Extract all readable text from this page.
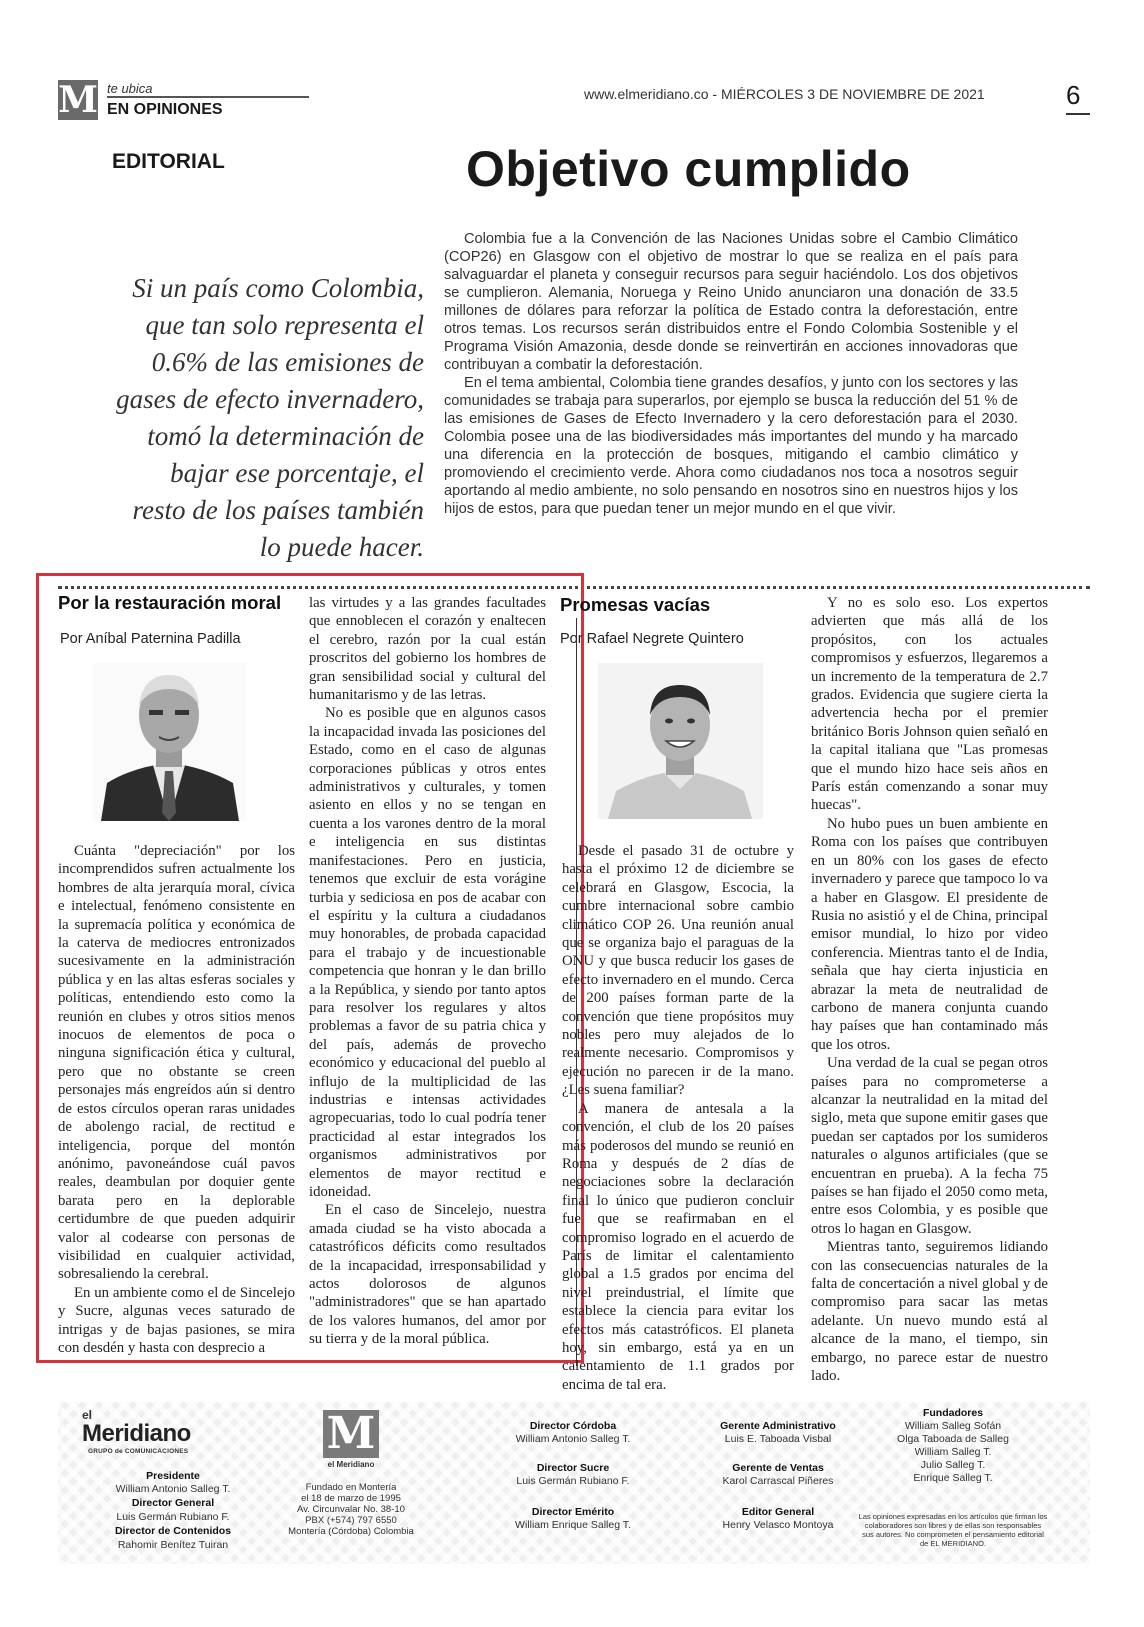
M te ubica
EN OPINIONES
www.elmeridiano.co - MIÉRCOLES 3 DE NOVIEMBRE DE 2021	6
EDITORIAL	Objetivo cumplido
Si un país como Colombia, que tan solo representa el 0.6% de las emisiones de gases de efecto invernadero, tomó la determinación de bajar ese porcentaje, el resto de los países también lo puede hacer.

Colombia fue a la Convención de las Naciones Unidas sobre el Cambio Climático (COP26) en Glasgow con el objetivo de mostrar lo que se realiza en el país para salvaguardar el planeta y conseguir recursos para seguir haciéndolo. Los dos objetivos se cumplieron. Alemania, Noruega y Reino Unido anunciaron una donación de 33.5 millones de dólares para reforzar la política de Estado contra la deforestación, entre otros temas. Los recursos serán distribuidos entre el Fondo Colombia Sostenible y el Programa Visión Amazonia, desde donde se reinvertirán en acciones innovadoras que contribuyan a combatir la deforestación.

En el tema ambiental, Colombia tiene grandes desafíos, y junto con los sectores y las comunidades se trabaja para superarlos, por ejemplo se busca la reducción del 51 % de las emisiones de Gases de Efecto Invernadero y la cero deforestación para el 2030. Colombia posee una de las biodiversidades más importantes del mundo y ha marcado una diferencia en la protección de bosques, mitigando el cambio climático y promoviendo el crecimiento verde. Ahora como ciudadanos nos toca a nosotros seguir aportando al medio ambiente, no solo pensando en nosotros sino en nuestros hijos y los hijos de estos, para que puedan tener un mejor mundo en el que vivir.

Por la restauración moral
Por Aníbal Paternina Padilla

Cuánta "depreciación" por los incomprendidos sufren actualmente los hombres de alta jerarquía moral, cívica e intelectual, fenómeno consistente en la supremacía política y económica de la caterva de mediocres entronizados sucesivamente en la administración pública y en las altas esferas sociales y políticas, entendiendo esto como la reunión en clubes y otros sitios menos inocuos de elementos de poca o ninguna significación ética y cultural, pero que no obstante se creen personajes más engreídos aún si dentro de estos círculos operan raras unidades de abolengo racial, de rectitud e inteligencia, porque del montón anónimo, pavoneándose cuál pavos reales, deambulan por doquier gente barata pero en la deplorable certidumbre de que pueden adquirir valor al codearse con personas de visibilidad en cualquier actividad, sobresaliendo la cerebral.

En un ambiente como el de Sincelejo y Sucre, algunas veces saturado de intrigas y de bajas pasiones, se mira con desdén y hasta con desprecio a

las virtudes y a las grandes facultades que ennoblecen el corazón y enaltecen el cerebro, razón por la cual están proscritos del gobierno los hombres de gran sensibilidad social y cultural del humanitarismo y de las letras.

No es posible que en algunos casos la incapacidad invada las posiciones del Estado, como en el caso de algunas corporaciones públicas y otros entes administrativos y culturales, y tomen asiento en ellos y no se tengan en cuenta a los varones dentro de la moral e inteligencia en sus distintas manifestaciones. Pero en justicia, tenemos que excluir de esta vorágine turbia y sediciosa en pos de acabar con el espíritu y la cultura a ciudadanos muy honorables, de probada capacidad para el trabajo y de incuestionable competencia que honran y le dan brillo a la República, y siendo por tanto aptos para resolver los regulares y altos problemas a favor de su patria chica y del país, además de provecho económico y educacional del pueblo al influjo de la multiplicidad de las industrias e intensas actividades agropecuarias, todo lo cual podría tener practicidad al estar integrados los organismos administrativos por elementos de mayor rectitud e idoneidad.

En el caso de Sincelejo, nuestra amada ciudad se ha visto abocada a catastróficos déficits como resultados de la incapacidad, irresponsabilidad y actos dolorosos de algunos "administradores" que se han apartado de los valores humanos, del amor por su tierra y de la moral pública.

Promesas vacías
Por Rafael Negrete Quintero

Desde el pasado 31 de octubre y hasta el próximo 12 de diciembre se celebrará en Glasgow, Escocia, la cumbre internacional sobre cambio climático COP 26. Una reunión anual que se organiza bajo el paraguas de la ONU y que busca reducir los gases de efecto invernadero en el mundo. Cerca de 200 países forman parte de la convención que tiene propósitos muy nobles pero muy alejados de lo realmente necesario. Compromisos y ejecución no parecen ir de la mano. ¿Les suena familiar?

A manera de antesala a la convención, el club de los 20 países más poderosos del mundo se reunió en Roma y después de 2 días de negociaciones sobre la declaración final lo único que pudieron concluir fue que se reafirmaban en el compromiso logrado en el acuerdo de París de limitar el calentamiento global a 1.5 grados por encima del nivel preindustrial, el límite que establece la ciencia para evitar los efectos más catastróficos. El planeta hoy, sin embargo, está ya en un calentamiento de 1.1 grados por encima de tal era.

Y no es solo eso. Los expertos advierten que más allá de los propósitos, con los actuales compromisos y esfuerzos, llegaremos a un incremento de la temperatura de 2.7 grados. Evidencia que sugiere cierta la advertencia hecha por el premier británico Boris Johnson quien señaló en la capital italiana que "Las promesas que el mundo hizo hace seis años en París están comenzando a sonar muy huecas".

No hubo pues un buen ambiente en Roma con los países que contribuyen en un 80% con los gases de efecto invernadero y parece que tampoco lo va a haber en Glasgow. El presidente de Rusia no asistió y el de China, principal emisor mundial, lo hizo por video conferencia. Mientras tanto el de India, señala que hay cierta injusticia en abrazar la meta de neutralidad de carbono de manera conjunta cuando hay países que han contaminado más que los otros.

Una verdad de la cual se pegan otros países para no comprometerse a alcanzar la neutralidad en la mitad del siglo, meta que supone emitir gases que puedan ser captados por los sumideros naturales o algunos artificiales (que se encuentran en prueba). A la fecha 75 países se han fijado el 2050 como meta, entre esos Colombia, y es posible que otros lo hagan en Glasgow.

Mientras tanto, seguiremos lidiando con las consecuencias naturales de la falta de concertación a nivel global y de compromiso para sacar las metas adelante. Un nuevo mundo está al alcance de la mano, el tiempo, sin embargo, no parece estar de nuestro lado.

el
Meridiano
GRUPO de COMUNICACIONES
Presidente
William Antonio Salleg T.
Director General
Luis Germán Rubiano F.
Director de Contenidos
Rahomir Benítez Tuiran
M
el Meridiano
Fundado en Montería
el 18 de marzo de 1995
Av. Circunvalar No. 38-10
PBX (+574) 797 6550
Montería (Córdoba) Colombia
Director Córdoba
William Antonio Salleg T.
Director Sucre
Luis Germán Rubiano F.
Director Emérito
William Enrique Salleg T.
Gerente Administrativo
Luis E. Taboada Visbal
Gerente de Ventas
Karol Carrascal Piñeres
Editor General
Henry Velasco Montoya
Fundadores
William Salleg Sofán
Olga Taboada de Salleg
William Salleg T.
Julio Salleg T.
Enrique Salleg T.
Las opiniones expresadas en los artículos que firman los colaboradores son libres y de ellas son responsables sus autores. No comprometen el pensamiento editorial de EL MERIDIANO.
